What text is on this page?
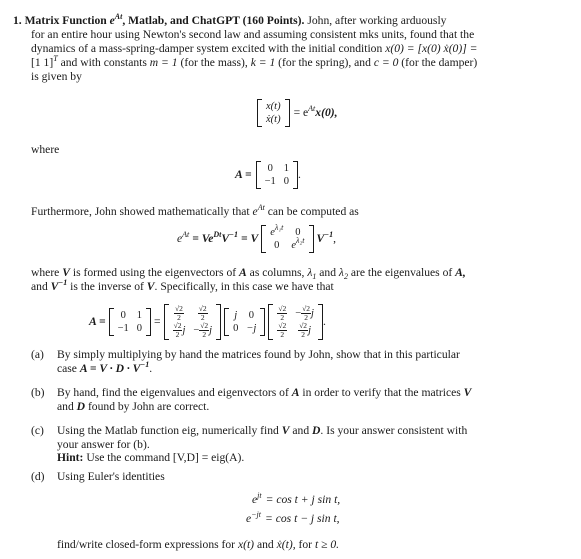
1. Matrix Function $e^{At}$, Matlab, and ChatGPT (160 Points). John, after working arduously

for an entire hour using Newton's second law and assuming consistent mks units, found that the

dynamics of a mass-spring-damper system excited with the initial condition x(0) = [x(0) ẋ(0)] =

[1 1]$^T$ and with constants m = 1 (for the mass), k = 1 (for the spring), and c = 0 (for the damper)

is given by

x(t)
ẋ(t)
= $e^{At}x(0)$,

where

A = 0	1
−1	0
.

Furthermore, John showed mathematically that $e^{At}$ can be computed as

$e^{At} = Ve^{Dt}V^{-1} = V$ $e^{\lambda_1t}$	0
0	$e^{\lambda_2t}$ $V^{-1}$ ,

where V is formed using the eigenvectors of A as columns, $\lambda_1$ and $\lambda_2$ are the eigenvalues of A,

and $V^{-1}$ is the inverse of V. Specifically, in this case we have that

A = 0	1
−1	0
= $\frac{√2}{2}$	$\frac{√2}{2}$

$\frac{√2}{2}$ j	− $\frac{√2}{2}$ j
j	0
0	−j
$\frac{√2}{2}$	− $\frac{√2}{2}$ j

$\frac{√2}{2}$	$\frac{√2}{2}$ j
.
(a) By simply multiplying by hand the matrices found by John, show that in this particular
case $A = V \cdot D \cdot V^{-1}$.
(b) By hand, find the eigenvalues and eigenvectors of A in order to verify that the matrices V
and D found by John are correct.
(c) Using the Matlab function eig, numerically find V and D. Is your answer consistent with
your answer for (b).
Hint: Use the command [V,D] = eig(A).
(d) Using Euler's identities
$e^{jt} = \cos t + j$ sin t,
$e^{-jt} = \cos t - j$ sin t,

find/write closed-form expressions for x(t) and ẋ(t), for t ≥ 0.
